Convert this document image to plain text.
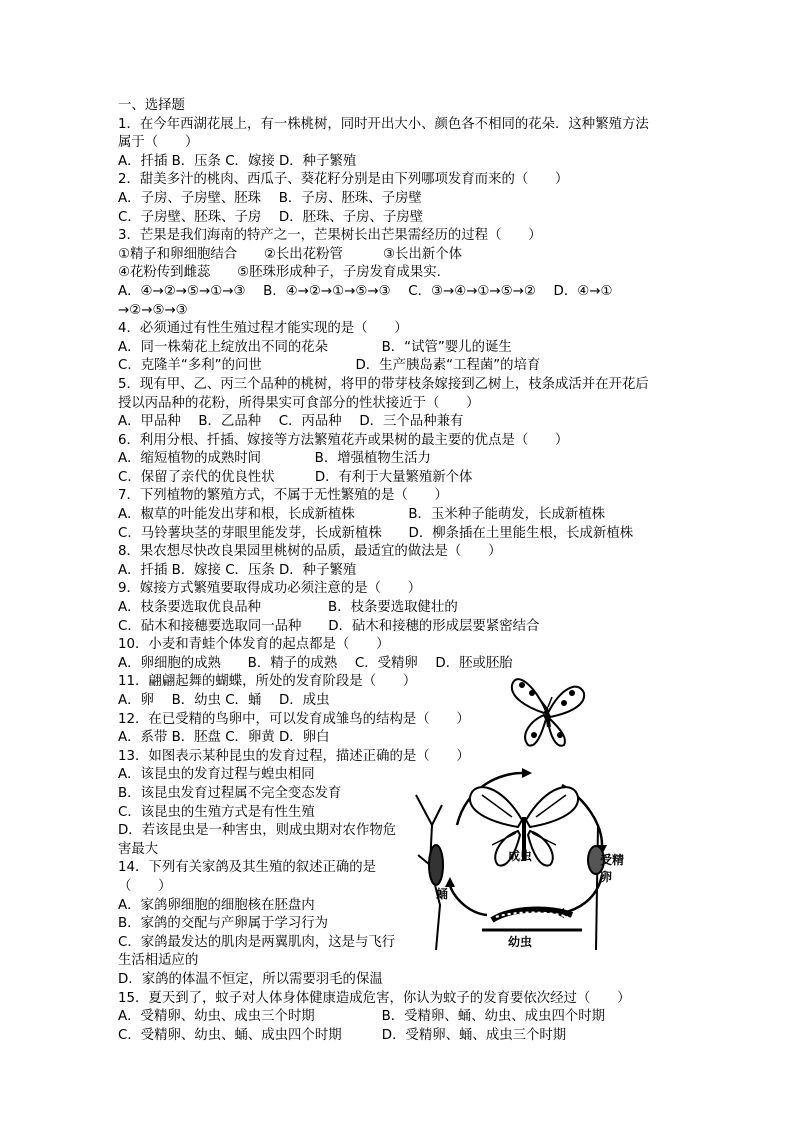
一、选择题
1．在今年西湖花展上，有一株桃树，同时开出大小、颜色各不相同的花朵．这种繁殖方法
属于（　　）
A．扦插 B．压条 C．嫁接 D．种子繁殖
2．甜美多汁的桃肉、西瓜子、葵花籽分别是由下列哪项发育而来的（　　）
A．子房、子房壁、胚珠　 B．子房、胚珠、子房壁
C．子房壁、胚珠、子房　 D．胚珠、子房、子房壁
3．芒果是我们海南的特产之一，芒果树长出芒果需经历的过程（　　）
①精子和卵细胞结合　　②长出花粉管　　　③长出新个体
④花粉传到雌蕊　　⑤胚珠形成种子，子房发育成果实．
A．④→②→⑤→①→③　 B．④→②→①→⑤→③　 C．③→④→①→⑤→②　 D．④→①
→②→⑤→③
4．必须通过有性生殖过程才能实现的是（　　）
A．同一株菊花上绽放出不同的花朵　　　　B．“试管”婴儿的诞生
C．克隆羊“多利”的问世　　　　　　　D．生产胰岛素“工程菌”的培育
5．现有甲、乙、丙三个品种的桃树，将甲的带芽枝条嫁接到乙树上，枝条成活并在开花后
授以丙品种的花粉，所得果实可食部分的性状接近于（　　）
A．甲品种　 B．乙品种　 C．丙品种　 D．三个品种兼有
6．利用分根、扦插、嫁接等方法繁殖花卉或果树的最主要的优点是（　　）
A．缩短植物的成熟时间　　　　B．增强植物生活力
C．保留了亲代的优良性状　　　D．有利于大量繁殖新个体
7．下列植物的繁殖方式，不属于无性繁殖的是（　　）
A．椒草的叶能发出芽和根，长成新植株　　　　B．玉米种子能萌发，长成新植株
C．马铃薯块茎的芽眼里能发芽，长成新植株　　D．柳条插在土里能生根，长成新植株
8．果农想尽快改良果园里桃树的品质，最适宜的做法是（　　）
A．扦插 B．嫁接 C．压条 D．种子繁殖
9．嫁接方式繁殖要取得成功必须注意的是（　　）
A．枝条要选取优良品种　　　　　B．枝条要选取健壮的
C．砧木和接穗要选取同一品种　　D．砧木和接穗的形成层要紧密结合
10．小麦和青蛙个体发育的起点都是（　　）
A．卵细胞的成熟　　B．精子的成熟　 C．受精卵　 D．胚或胚胎
11．翩翩起舞的蝴蝶，所处的发育阶段是（　　）
A．卵　 B．幼虫 C．蛹　 D．成虫
12．在已受精的鸟卵中，可以发育成雏鸟的结构是（　　）
A．系带 B．胚盘 C．卵黄 D．卵白
13．如图表示某种昆虫的发育过程，描述正确的是（　　）
A．该昆虫的发育过程与蝗虫相同
B．该昆虫发育过程属不完全变态发育
C．该昆虫的生殖方式是有性生殖
D．若该昆虫是一种害虫，则成虫期对农作物危
害最大
14．下列有关家鸽及其生殖的叙述正确的是
（　　）
A．家鸽卵细胞的细胞核在胚盘内
B．家鸽的交配与产卵属于学习行为
C．家鸽最发达的肌肉是两翼肌肉，这是与飞行
生活相适应的
D．家鸽的体温不恒定，所以需要羽毛的保温
15．夏天到了，蚊子对人体身体健康造成危害，你认为蚊子的发育要依次经过（　　）
A．受精卵、幼虫、成虫三个时期　　　　　B．受精卵、蛹、幼虫、成虫四个时期
C．受精卵、幼虫、蛹、成虫四个时期　　　D．受精卵、蛹、成虫三个时期
成虫	受精卵
蛹
幼虫
